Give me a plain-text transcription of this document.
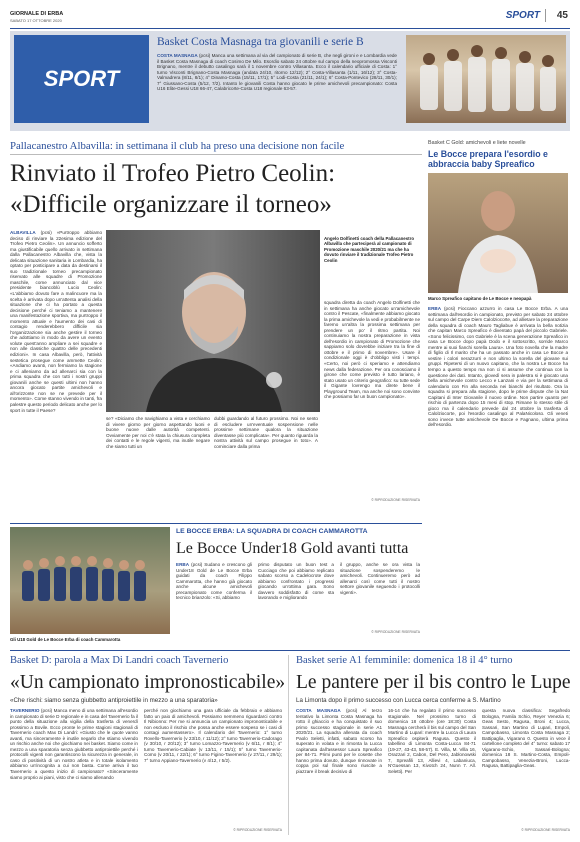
GIORNALE DI ERBA
SABATO 17 OTTOBRE 2020	SPORT 45
SPORT
Basket Costa Masnaga tra giovanili e serie B
COSTA MASNAGA (pcsi) Manca una settimana al via del campionato di serie B, che negli gironi e e Lombardia vede il Basket Costa Masnaga di coach Cosimo De Milo. Esordio sabato 24 ottobre sul campo della neopromossa Visconti Brignano, mentre il debutto casalingo sarà il 1 novembre contro Villasanta. Ecco il calendario ufficiale di Costa: 1° turno Visconti Brignano-Costa Masnaga (andata 24/10, ritorno 12/12); 2° Costa-Villasanta (1/11, 16/12); 3° Costa-Valmadrera (8/11, 8/1); 4° Dinamo-Costa (15/11, 17/1); 5° Lodi-Costa (21/11, 24/1); 6° Costa-Pontevico (28/11, 30/1); 7° Giussano-Costa (5/12, 7/2). Intanto le giovanili Costa hanno giocato le prime amichevoli precampionato: Costa U16 Elite-Gessi U18 66-47, Calabricorte-Costa U18 regionale 63-57.
Pallacanestro Albavilla: in settimana il club ha preso una decisione non facile
Rinviato il Trofeo Pietro Ceolin:
«Difficile organizzare il torneo»
ALBAVILLA (pcsi) «Purtroppo abbiamo deciso di rinviare la 22esima edizione del Trofeo Pietro Ceolin». Un annuncio sofferto ma giustificabile quello arrivato in settimana dalla Pallacanestro Albavilla che, vista la delicata situazione sanitaria in Lombardia, ha optato per posticipare a data da destinarsi il suo tradizionale torneo precampionato riservato alle squadre di Promozione maschile, come annunciato dal vice presidente biancoblù Lucio Ceolin: «L'abbiamo dovuto fare a malincuore ma la scelta è arrivata dopo un'attenta analisi della situazione che ci ha portato a questa decisione perché ci teniamo a mantenere una manifestazione sportiva, ma purtroppo il momento attuale e l'aumento dei casi di contagio renderebbero difficile sia l'organizzazione sia anche gestire il torneo che adottiamo in modo da avere un evento volute quest'anno ampliare a sei squadre e non alle classiche quattro delle precedenti edizioni». In casa Albavilla, però, l'attività sestetica prosegue come ammette Ceolin: «Andiamo avanti, non fermiamo la stagione e ci alleniamo da ad allenarci sia con la prima squadra che con tutti i nostri gruppi giovanili anche se questi ultimi non hanno ancora giocato partite amichevoli e all'orizzonte non se ne prevede per il momento». Come stanno vivendo in tanti, fra palestre questo periodo delicato anche per lo sport in tutte il Paese?
Angelo Dolfinetti coach della Pallacanestro Albavilla che parteciperà al campionato di Promozione maschile 2020/21 ma che ha dovuto rinviare il tradizionale Trofeo Pietro Ceolin
se? «Diciamo che navighiamo a vista e cerchiamo di vivere giorno per giorno aspettando luoni e buone nuove dalle autorità competenti. Ovviamente per noi c'è stata la chiusura completa dei contatti e le regole vigenti, ma inutile negare che siamo tutti un
dubbi guardando al futuro prossimo. Noi ne sento di escludere un'eventuale sospensione nelle prossime settimane qualora la situazione diventasse più complicata». Per quanto riguarda la nostra attività sul campo prosegue in toto». A cominciare dalla prima
squadra diretta da coach Angelo Dolfinetti che in settimana ha anche giocato un'amichevole contro il Pescate, «finalmente abbiamo giocato la prima amichevole la vedi e probabilmente ne faremo un'altra la prossima settimana per prendere un po' il ritmo partita. Noi continuiamo la nostra preparazione in vista dell'esordio in campionato di Promozione che sappiamo solo dovrebbe iniziare tra la fine di ottobre e il primo di novembre». Usare il condizionale oggi è d'obbligo visti i tempi. «Certo, noi però ci speriamo e attendiamo news dalla federazione. Per ora conosciamo il girone che come previsto è tutto lariano, è stato usato un criterio geografico: su tutte sede il Gigante lovrengo ma direte bene il Playground Team, ma anche noi sono convinte che possiamo far un buon campionato».
© RIPRODUZIONE RISERVATA
Basket C Gold: amichevoli e liete novelle
Le Bocce prepara l'esordio e abbraccia baby Spreafico
Marco Spreafico capitano de Le Bocce e neopapà
ERBA (pcsi) Fioccano azzurro in casa Le Bocce Erba. A una settimana dall'esordio in campionato, previsto per sabato 24 ottobre sul campo del Carpe Diem Calolziocorte, ad allietare la preparazione della squadra di coach Mauro Tagliabue è arrivata la bella notizia che capitan Marco Spreafico è diventato papà del piccolo Gabriele. «Sono felicissimo, con Gabriele è la scena generazione Spreafico in casa Le Bocce dopo papà Dodo e il sottoscritto, sorride Marco mentre ai suoi fianchi sorella Laura». Una foto novella che la madre di figlio di Il marito che ha un passato anche in casa Le Bocce a vestire i colori nerazzurri e non ultimo la sorella del giovane sui gruppi. Ripetersi di un nuovo capitano, che la nostra Le Bocce ha tempo a questo tempo ma non ci si assume che continua con la questione dei dati. Intanto, giovedì sera in palestra si è giocato una bella amichevole contro Lecco e Lanzani e via per la settimana di calendario con Fin alla seconda nei bianchi del risultato. Ora la squadra si prepara alla stagione, dopo le prime dispute che la Nat Capitani di Inter Giovanile il nuovo ordine. Non partire quanto per rischio di partenza dopo 15 mesi di stop. Rimane lo stesso stile di gioco ma il calendario prevede dal 24 ottobre la trasferta di Calolziocorte, poi l'esordio casalingo al PalaNicoloso. Gli veneti sono invece tutte amichevole De Bocce e Fagnano, ultima prima dell'esordio.
Gli U18 Gold de Le Bocce Erba di coach Cammarotta
LE BOCCE ERBA: LA SQUADRA DI COACH CAMMAROTTA
Le Bocce Under18 Gold avanti tutta
ERBA (pcsi) Sudano e crescono gli Under18 Gold de Le Bocce Erba guidati da coach Filippo Cammarotta, che hanno già giocato anche alcune amichevoli precampionato come conferma il tecnico brianzolo: «Si, abbiamo
primo disputato un buon test a Cucciago che poi abbiamo replicato sabato scorso a Cadelocrote dove abbiamo confrontato i progressi giocando un'ottima gara. Sono davvero soddisfatto di come sta lavorando e migliorando
il gruppo, anche se ora vista la situazione sospenderemo le amichevoli. Continueremo però ad allenarci così come tutti il nostro settore giovanile seguendo i protocolli vigenti».
© RIPRODUZIONE RISERVATA
Basket D: parola a Max Di Landri coach Tavernerio
«Un campionato impronosticabile»
«Che rischi: siamo senza giubbetto antiproiettile in mezzo a una sparatoria»
TAVERNERIO (pcsi) Manca meno di una settimana all'esordio in campionato di serie D regionale e in casa del Tavernerio fa il punto della situazione alla vigilia della trasferta di venerdì prossimo a Bovile. Ecco pronte le prime stagioni stagionali di Tavernerio coach Max Di Landri: «Giusto che le quote vanno avanti, ma sinceramente è inutile negarlo che stiamo vivendo un rischio anche noi che giochiamo nei basket. Siamo come in mezzo a una sparatoria senza giubbetto antiproiettile perché i protocolli vigenti non garantiscono la sicurezza in generale, in caso di positività di un nostro atleta e in totale isolamento abbiamo un'incognita a cui non basta. Come arriva il tuo Tavernerio a questo inizio di campionato? «Sinceramente siamo proprio ai piani, visto che ci siamo allenando
perché non giochiamo una gara ufficiale da febbraio e abbiamo fatto un paio di amichevoli. Possiamo nemmeno riguardarci contro Il Nibionno: Per me si annuncia un campionato impronosticabile e non escluso il rischio che possa anche essere sospeso se i casi di contagi aumentassero». Il calendario del Tavernerio: 1° turno Rovello-Tavernerio (v 23/10, r 11/12); 2° turno Tavernerio-Cadorago (v 30/10, r 20/12); 3° turno Lomazzo-Tavernerio (v 6/11, r 8/1); 4° turno Tavernerio-Cabiate (v 13/11, r 15/1); 5° turno Tavernerio-Como (v 20/11, r 22/1); 6° turno Figino-Tavernerio (v 27/11, r 29/1); 7° turno Appiano-Tavernerio (v 4/12, r 5/2).
© RIPRODUZIONE RISERVATA
Basket serie A1 femminile: domenica 18 il 4° turno
Le pantere per il bis contro le Lupe
La Limonta dopo il primo successo con Lucca cerca conferme a S. Martino
COSTA MASNAGA (pcsi) Al terzo tentativo la Limonta Costa Masnaga ha rotto il ghiaccio e ha conquistato il suo primo successo stagionale in serie A1 2020/21. La squadra allenata da coach Paolo Seletti, infatti, sabato scorso ha superato in volata e in rimonta la Lucca capitanata dall'assessor Laura Spreafico per 84-71. Primi punti per le cosette che hanno prima dovuto, dunque rinnovate in coppa poi sul finale sono riuscite a piazzare il break decisivo di
16-14 che ha regalato il primo successo stagionale. Nel prossimo turno di domenica 18 ottobre (ore 18:30) Costa Masnaga cercherà il bis sul campo del San Martino di Lupari: mentre la Lucca di Laura Spreafico ospiterà Ragusa. Questo il tabellino di Limonta Costa-Lucca 84-71 (19-27, 43-43, 58-57). E. Villa, M. Villa 16, Orazzari 2, Cabon, Del Pero, Jablonowski 7, Spreafili 13, Allievi 4, Labaniuca, N'Guessan 13, Kivotch 24, Nunn 7. All. Seletti). Per
questa nuova classifica: Segafredo Bologna, Famila Schio, Reyer Venezia 6; Geas Sesto, Ragusa, Broni 4; Lucca, Sassari, San Martino di Lupari, Empoli, Campobasso, Limonta Costa Masnaga 2; Battipaglia, Vigarano 0. Questo in vece il cartellone completo del 4° turno: sabato 17 Vigarano-Schio, Sassari-Bologna; domenica 18 S. Martino-Costa, Empoli-Campobasso, Venezia-Broni, Lucca-Ragusa, Battipaglia-Geas.
© RIPRODUZIONE RISERVATA
